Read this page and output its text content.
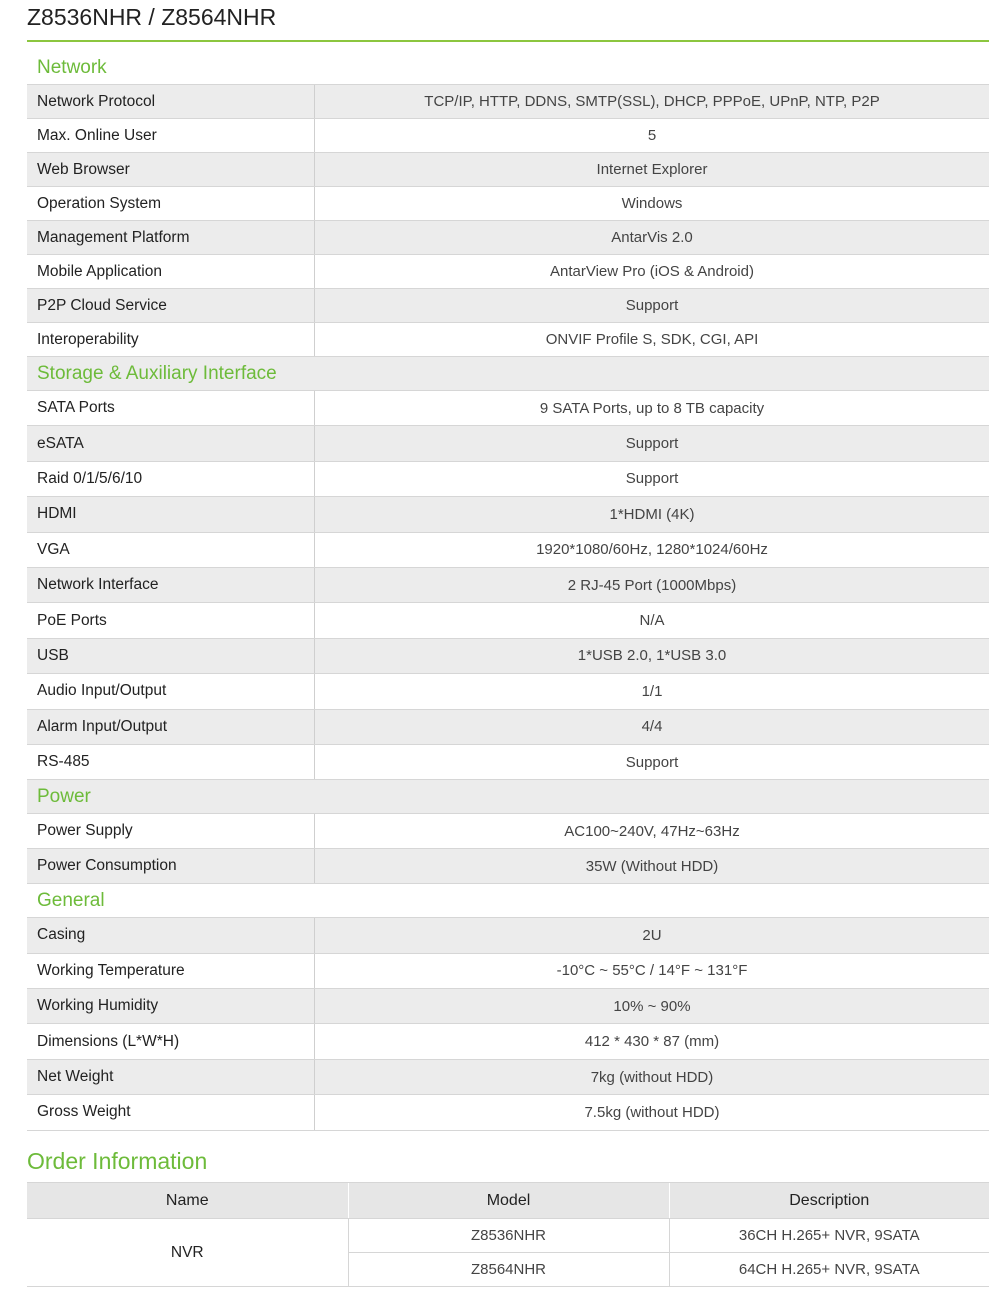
Z8536NHR / Z8564NHR
Network
Network Protocol	TCP/IP, HTTP, DDNS, SMTP(SSL), DHCP, PPPoE, UPnP, NTP, P2P
Max. Online User	5
Web Browser	Internet Explorer
Operation System	Windows
Management Platform	AntarVis 2.0
Mobile Application	AntarView Pro (iOS & Android)
P2P Cloud Service	Support
Interoperability	ONVIF Profile S, SDK, CGI, API
Storage & Auxiliary Interface
SATA Ports	9 SATA Ports, up to 8 TB capacity
eSATA	Support
Raid 0/1/5/6/10	Support
HDMI	1*HDMI (4K)
VGA	1920*1080/60Hz, 1280*1024/60Hz
Network Interface	2 RJ-45 Port (1000Mbps)
PoE Ports	N/A
USB	1*USB 2.0, 1*USB 3.0
Audio Input/Output	1/1
Alarm Input/Output	4/4
RS-485	Support
Power
Power Supply	AC100~240V, 47Hz~63Hz
Power Consumption	35W (Without HDD)
General
Casing	2U
Working Temperature	-10°C ~ 55°C / 14°F ~ 131°F
Working Humidity	10% ~ 90%
Dimensions (L*W*H)	412 * 430 * 87 (mm)
Net Weight	7kg (without HDD)
Gross Weight	7.5kg (without HDD)
Order Information
Name	Model	Description
NVR	Z8536NHR	36CH H.265+ NVR, 9SATA
	Z8564NHR	64CH H.265+ NVR, 9SATA
